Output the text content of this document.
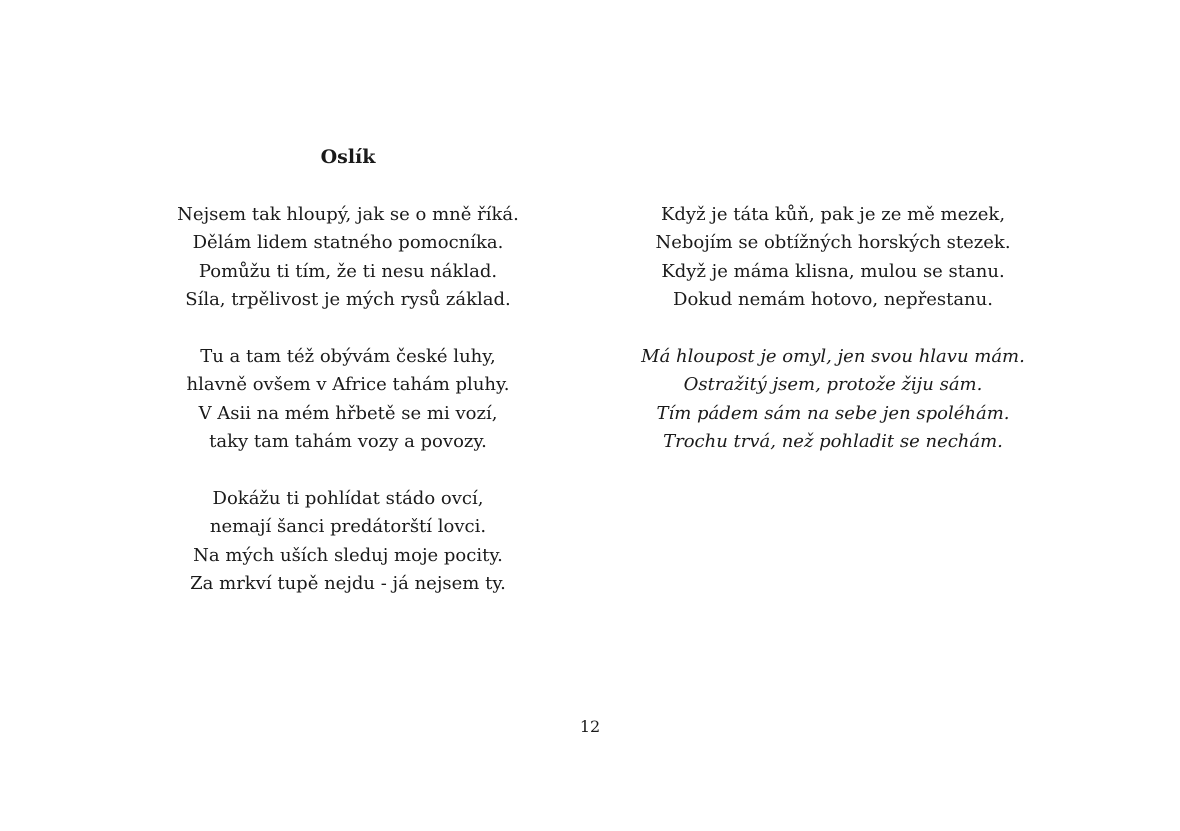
Oslík

Nejsem tak hloupý, jak se o mně říká.
Dělám lidem statného pomocníka.
Pomůžu ti tím, že ti nesu náklad.
Síla, trpělivost je mých rysů základ.

Tu a tam též obývám české luhy,
hlavně ovšem v Africe tahám pluhy.
V Asii na mém hřbetě se mi vozí,
taky tam tahám vozy a povozy.

Dokážu ti pohlídat stádo ovcí,
nemají šanci predátorští lovci.
Na mých uších sleduj moje pocity.
Za mrkví tupě nejdu - já nejsem ty.

Když je táta kůň, pak je ze mě mezek,
Nebojím se obtížných horských stezek.
Když je máma klisna, mulou se stanu.
Dokud nemám hotovo, nepřestanu.

Má hloupost je omyl, jen svou hlavu mám.
Ostražitý jsem, protože žiju sám.
Tím pádem sám na sebe jen spoléhám.
Trochu trvá, než pohladit se nechám.

12
